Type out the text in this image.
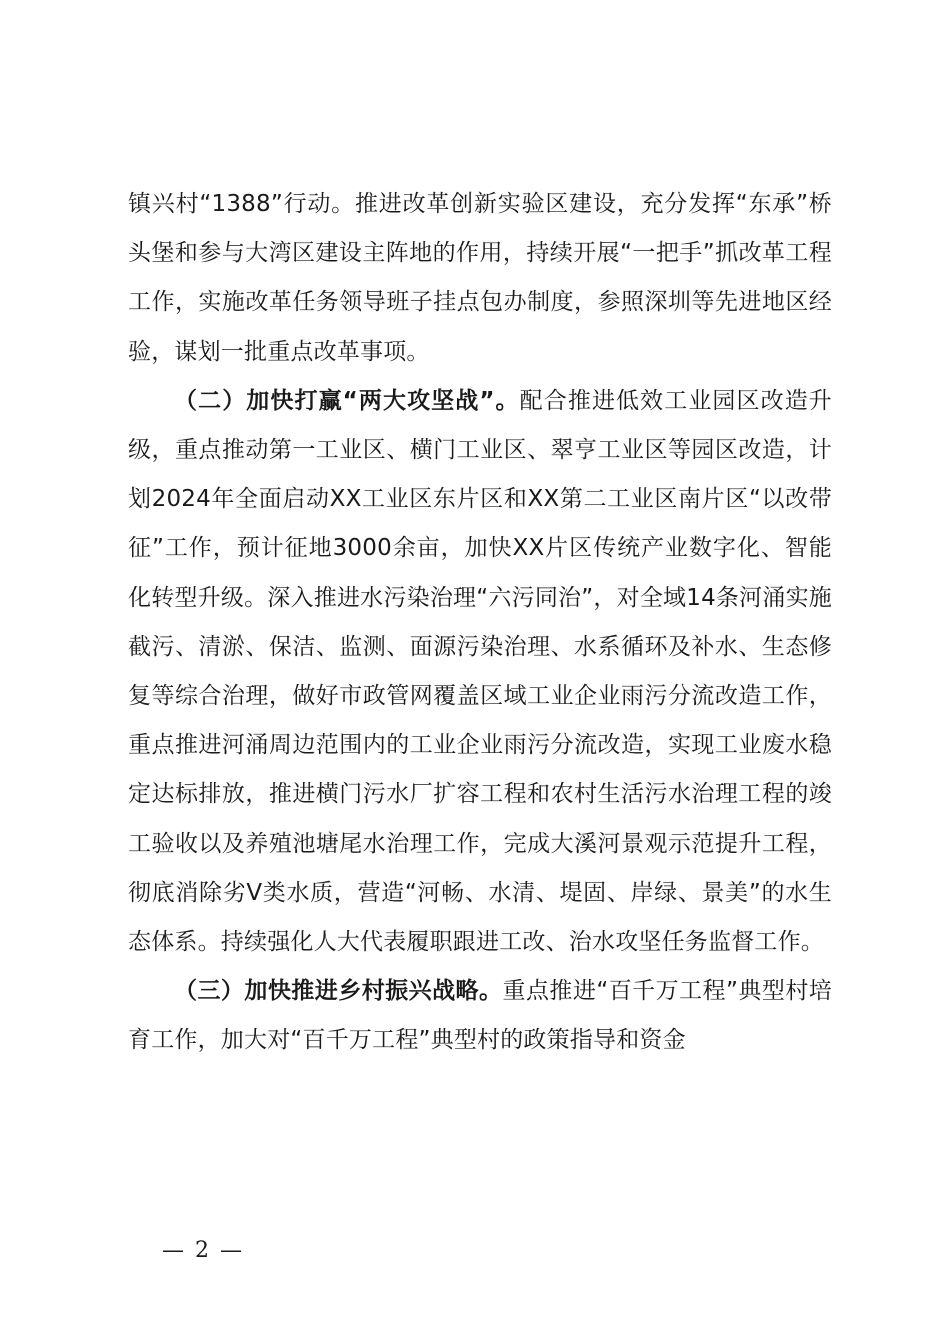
镇兴村“1388”行动。推进改革创新实验区建设，充分发挥“东承”桥头堡和参与大湾区建设主阵地的作用，持续开展“一把手”抓改革工程工作，实施改革任务领导班子挂点包办制度，参照深圳等先进地区经验，谋划一批重点改革事项。

（二）加快打赢“两大攻坚战”。配合推进低效工业园区改造升级，重点推动第一工业区、横门工业区、翠亨工业区等园区改造，计划2024年全面启动XX工业区东片区和XX第二工业区南片区“以改带征”工作，预计征地3000余亩，加快XX片区传统产业数字化、智能化转型升级。深入推进水污染治理“六污同治”，对全域14条河涌实施截污、清淤、保洁、监测、面源污染治理、水系循环及补水、生态修复等综合治理，做好市政管网覆盖区域工业企业雨污分流改造工作，重点推进河涌周边范围内的工业企业雨污分流改造，实现工业废水稳定达标排放，推进横门污水厂扩容工程和农村生活污水治理工程的竣工验收以及养殖池塘尾水治理工作，完成大溪河景观示范提升工程，彻底消除劣Ⅴ类水质，营造“河畅、水清、堤固、岸绿、景美”的水生态体系。持续强化人大代表履职跟进工改、治水攻坚任务监督工作。

（三）加快推进乡村振兴战略。重点推进“百千万工程”典型村培育工作，加大对“百千万工程”典型村的政策指导和资金

— 2 —
